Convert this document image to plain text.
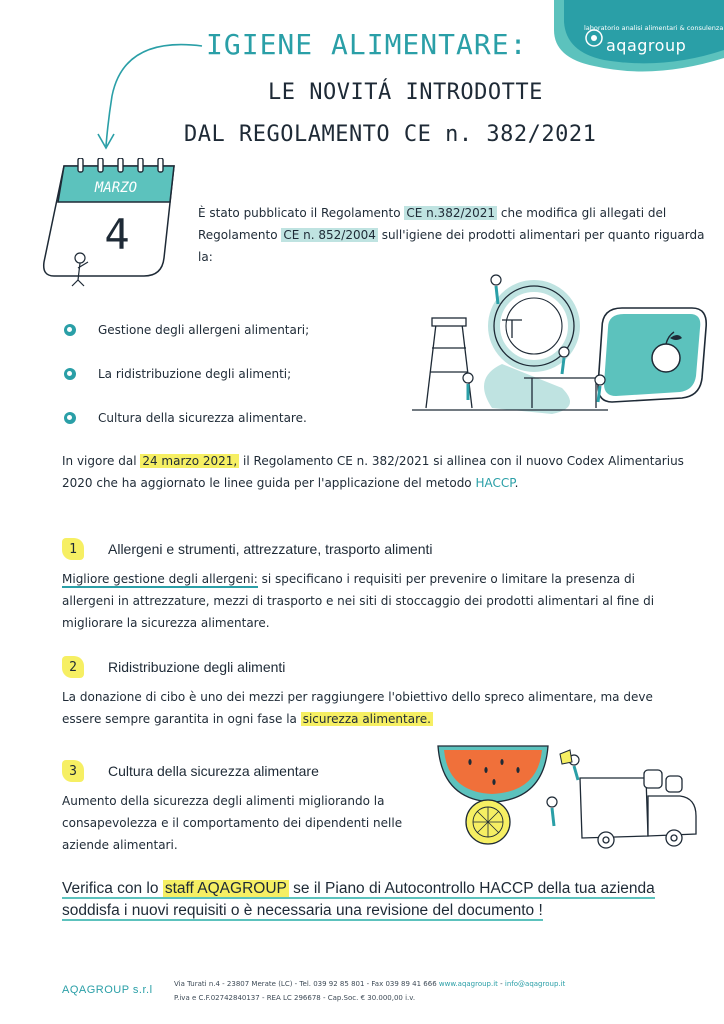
laboratorio analisi alimentari & consulenza
aqagroup
IGIENE ALIMENTARE:
LE NOVITÁ INTRODOTTE
DAL REGOLAMENTO CE n. 382/2021
MARZO
4	È stato pubblicato il Regolamento CE n.382/2021 che modifica gli allegati del Regolamento CE n. 852/2004 sull'igiene dei prodotti alimentari per quanto riguarda la:

Gestione degli allergeni alimentari;
La ridistribuzione degli alimenti;
Cultura della sicurezza alimentare.

In vigore dal 24 marzo 2021, il Regolamento CE n. 382/2021 si allinea con il nuovo Codex Alimentarius 2020 che ha aggiornato le linee guida per l'applicazione del metodo HACCP.

1	Allergeni e strumenti, attrezzature, trasporto alimenti

Migliore gestione degli allergeni: si specificano i requisiti per prevenire o limitare la presenza di allergeni in attrezzature, mezzi di trasporto e nei siti di stoccaggio dei prodotti alimentari al fine di migliorare la sicurezza alimentare.

2	Ridistribuzione degli alimenti

La donazione di cibo è uno dei mezzi per raggiungere l'obiettivo dello spreco alimentare, ma deve essere sempre garantita in ogni fase la sicurezza alimentare.

3	Cultura della sicurezza alimentare

Aumento della sicurezza degli alimenti migliorando la consapevolezza e il comportamento dei dipendenti nelle aziende alimentari.

Verifica con lo staff AQAGROUP se il Piano di Autocontrollo HACCP della tua azienda soddisfa i nuovi requisiti o è necessaria una revisione del documento !

AQAGROUP s.r.l	Via Turati n.4 - 23807 Merate (LC) - Tel. 039 92 85 801 - Fax 039 89 41 666 www.aqagroup.it - info@aqagroup.it
P.iva e C.F.02742840137 - REA LC 296678 - Cap.Soc. € 30.000,00 i.v.
